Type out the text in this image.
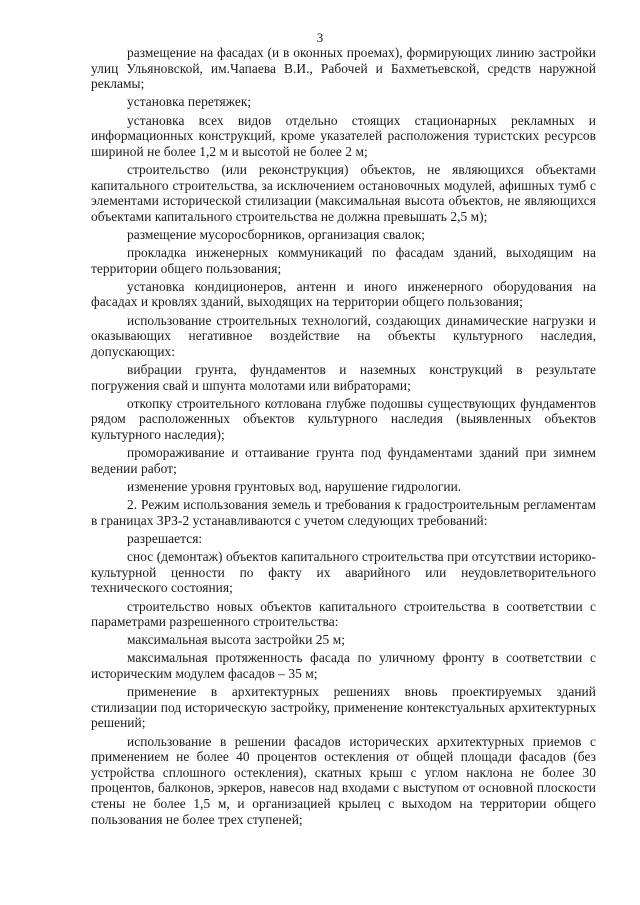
3

размещение на фасадах (и в оконных проемах), формирующих линию застройки улиц Ульяновской, им.Чапаева В.И., Рабочей и Бахметьевской, средств наружной рекламы;

установка перетяжек;

установка всех видов отдельно стоящих стационарных рекламных и информационных конструкций, кроме указателей расположения туристских ресурсов шириной не более 1,2 м и высотой не более 2 м;

строительство (или реконструкция) объектов, не являющихся объектами капитального строительства, за исключением остановочных модулей, афишных тумб с элементами исторической стилизации (максимальная высота объектов, не являющихся объектами капитального строительства не должна превышать 2,5 м);

размещение мусоросборников, организация свалок;

прокладка инженерных коммуникаций по фасадам зданий, выходящим на территории общего пользования;

установка кондиционеров, антенн и иного инженерного оборудования на фасадах и кровлях зданий, выходящих на территории общего пользования;

использование строительных технологий, создающих динамические нагрузки и оказывающих негативное воздействие на объекты культурного наследия, допускающих:

вибрации грунта, фундаментов и наземных конструкций в результате погружения свай и шпунта молотами или вибраторами;

откопку строительного котлована глубже подошвы существующих фундаментов рядом расположенных объектов культурного наследия (выявленных объектов культурного наследия);

промораживание и оттаивание грунта под фундаментами зданий при зимнем ведении работ;

изменение уровня грунтовых вод, нарушение гидрологии.

2. Режим использования земель и требования к градостроительным регламентам в границах ЗРЗ-2 устанавливаются с учетом следующих требований:

разрешается:

снос (демонтаж) объектов капитального строительства при отсутствии историко-культурной ценности по факту их аварийного или неудовлетворительного технического состояния;

строительство новых объектов капитального строительства в соответствии с параметрами разрешенного строительства:

максимальная высота застройки 25 м;

максимальная протяженность фасада по уличному фронту в соответствии с историческим модулем фасадов – 35 м;

применение в архитектурных решениях вновь проектируемых зданий стилизации под историческую застройку, применение контекстуальных архитектурных решений;

использование в решении фасадов исторических архитектурных приемов с применением не более 40 процентов остекления от общей площади фасадов (без устройства сплошного остекления), скатных крыш с углом наклона не более 30 процентов, балконов, эркеров, навесов над входами с выступом от основной плоскости стены не более 1,5 м, и организацией крылец с выходом на территории общего пользования не более трех ступеней;
